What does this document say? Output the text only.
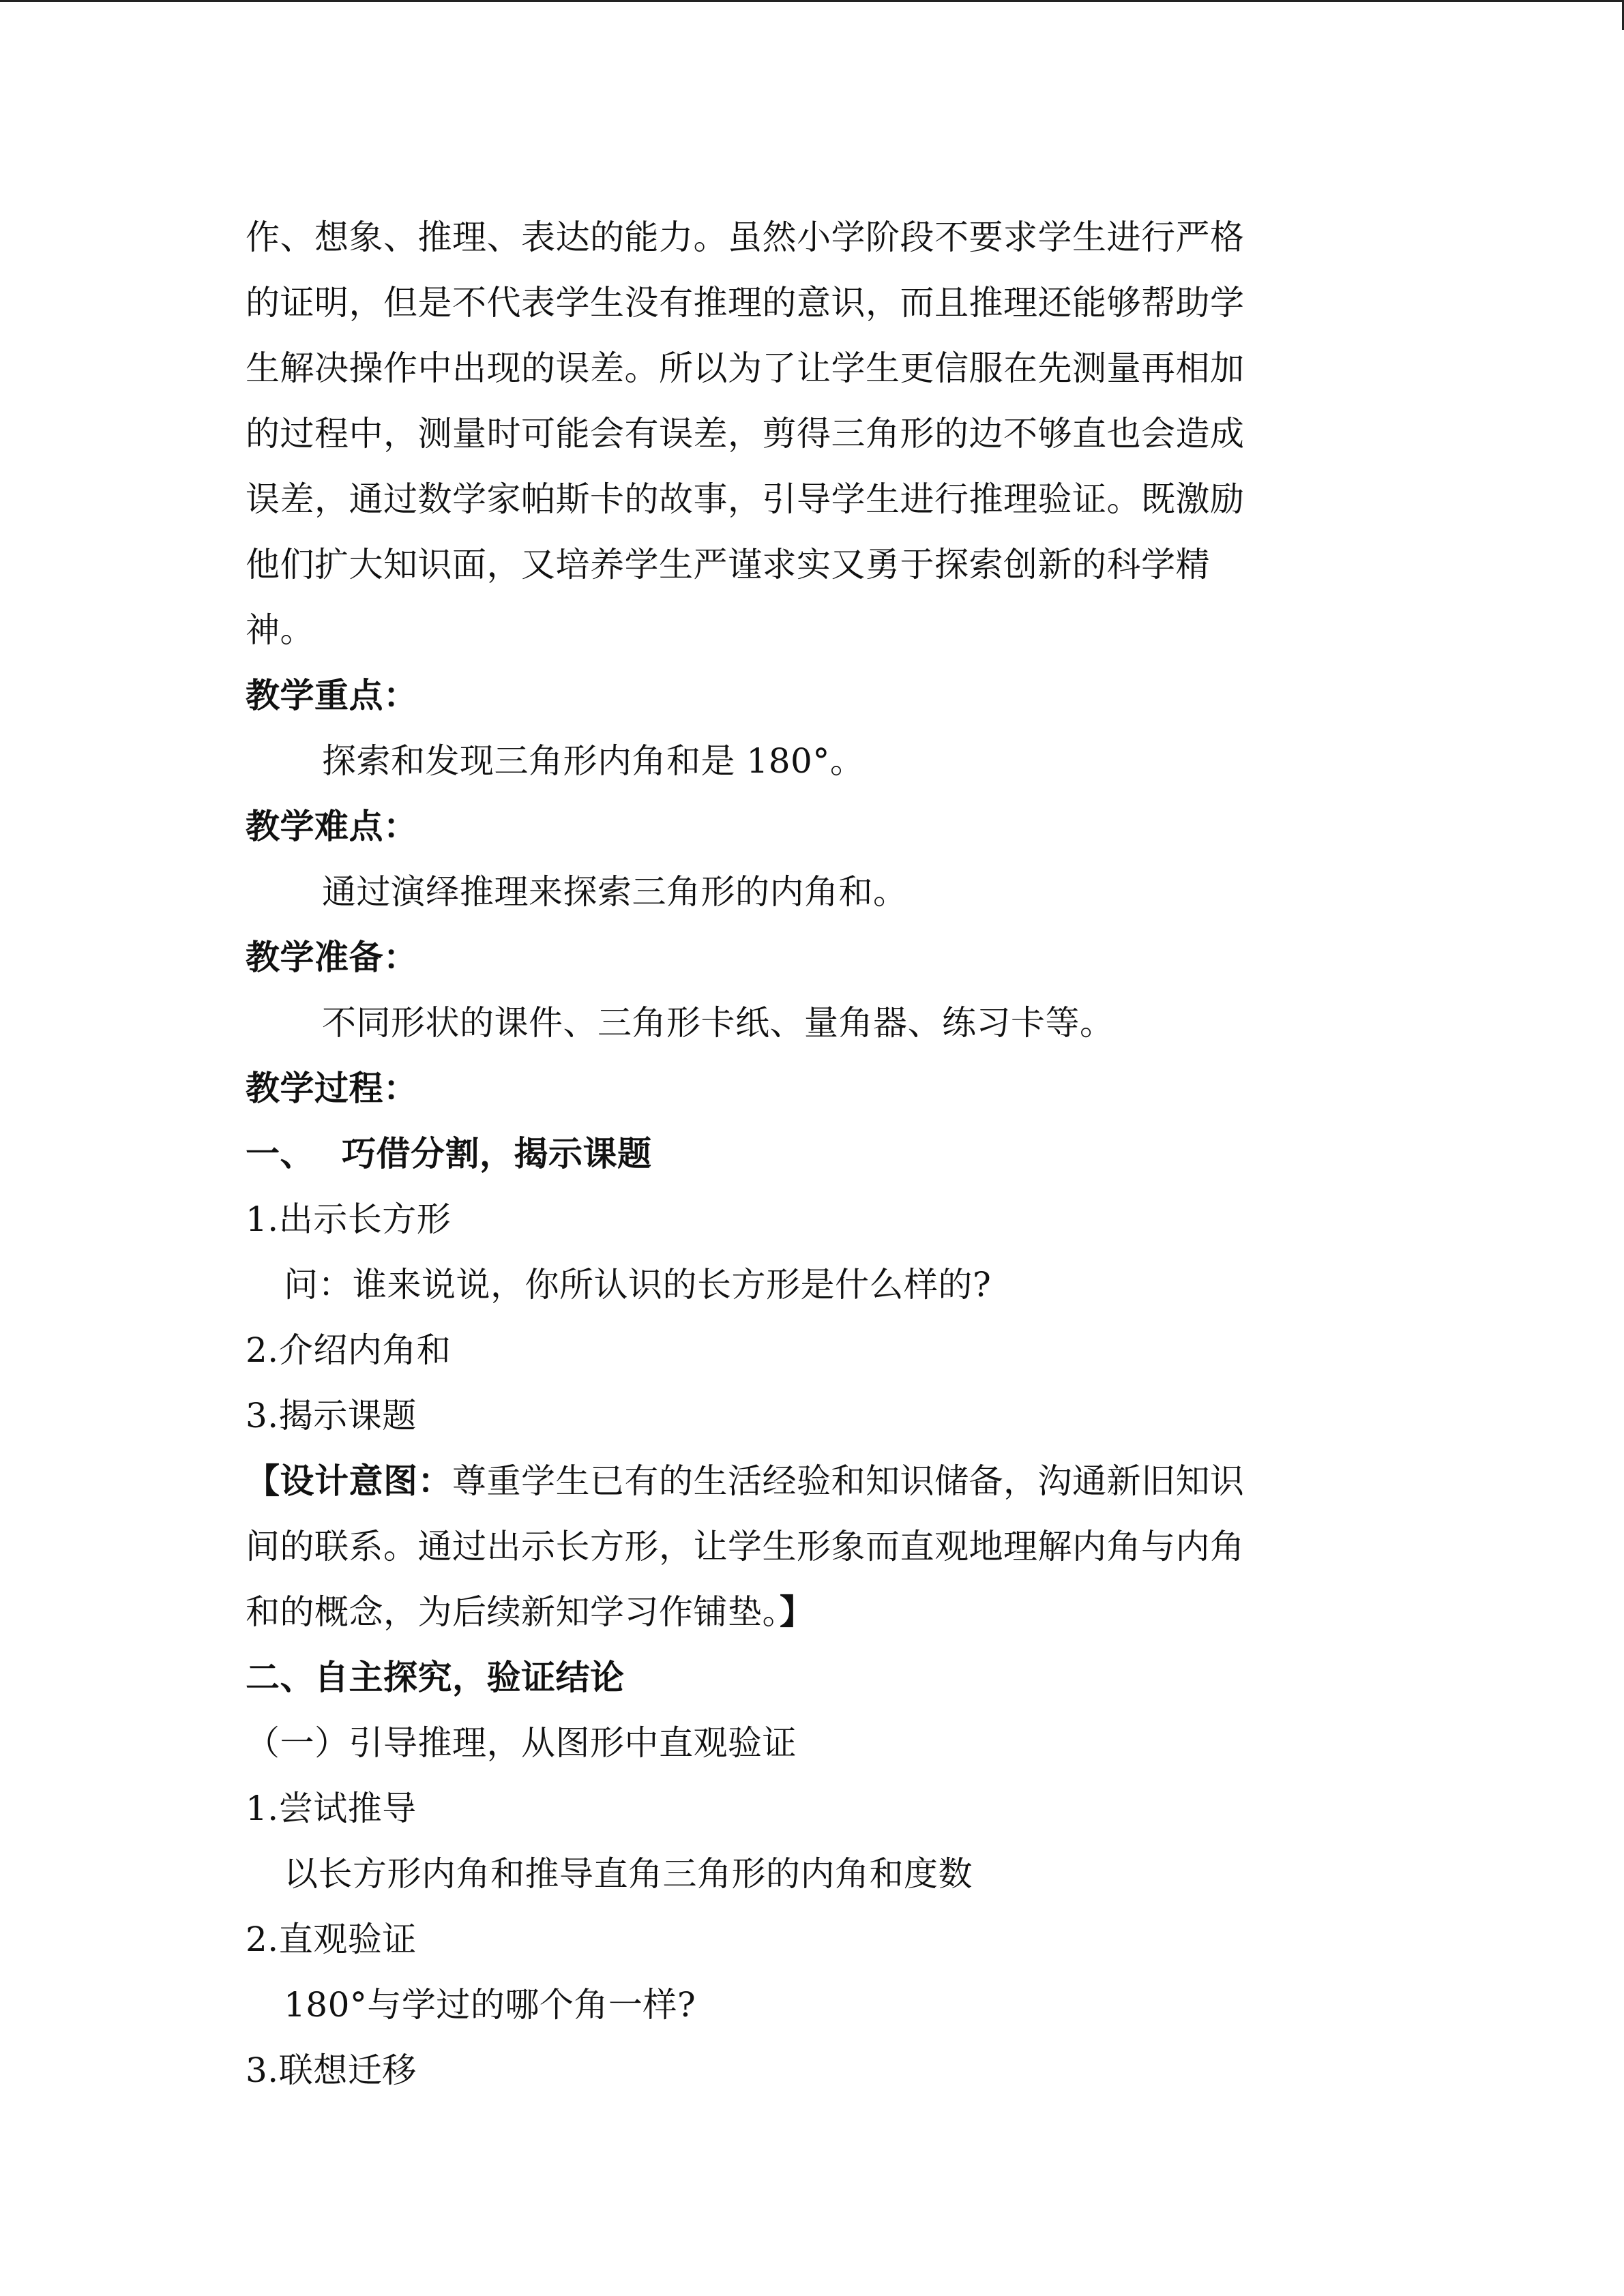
作、想象、推理、表达的能力。虽然小学阶段不要求学生进行严格
的证明，但是不代表学生没有推理的意识，而且推理还能够帮助学
生解决操作中出现的误差。所以为了让学生更信服在先测量再相加
的过程中，测量时可能会有误差，剪得三角形的边不够直也会造成
误差，通过数学家帕斯卡的故事，引导学生进行推理验证。既激励
他们扩大知识面，又培养学生严谨求实又勇于探索创新的科学精
神。
教学重点：
探索和发现三角形内角和是 180°。
教学难点：
通过演绎推理来探索三角形的内角和。
教学准备：
不同形状的课件、三角形卡纸、量角器、练习卡等。
教学过程：
一、 巧借分割，揭示课题
1.出示长方形
问：谁来说说，你所认识的长方形是什么样的?
2.介绍内角和
3.揭示课题
【设计意图：尊重学生已有的生活经验和知识储备，沟通新旧知识
间的联系。通过出示长方形，让学生形象而直观地理解内角与内角
和的概念，为后续新知学习作铺垫。】
二、自主探究，验证结论
（一）引导推理，从图形中直观验证
1.尝试推导
以长方形内角和推导直角三角形的内角和度数
2.直观验证
180°与学过的哪个角一样?
3.联想迁移
